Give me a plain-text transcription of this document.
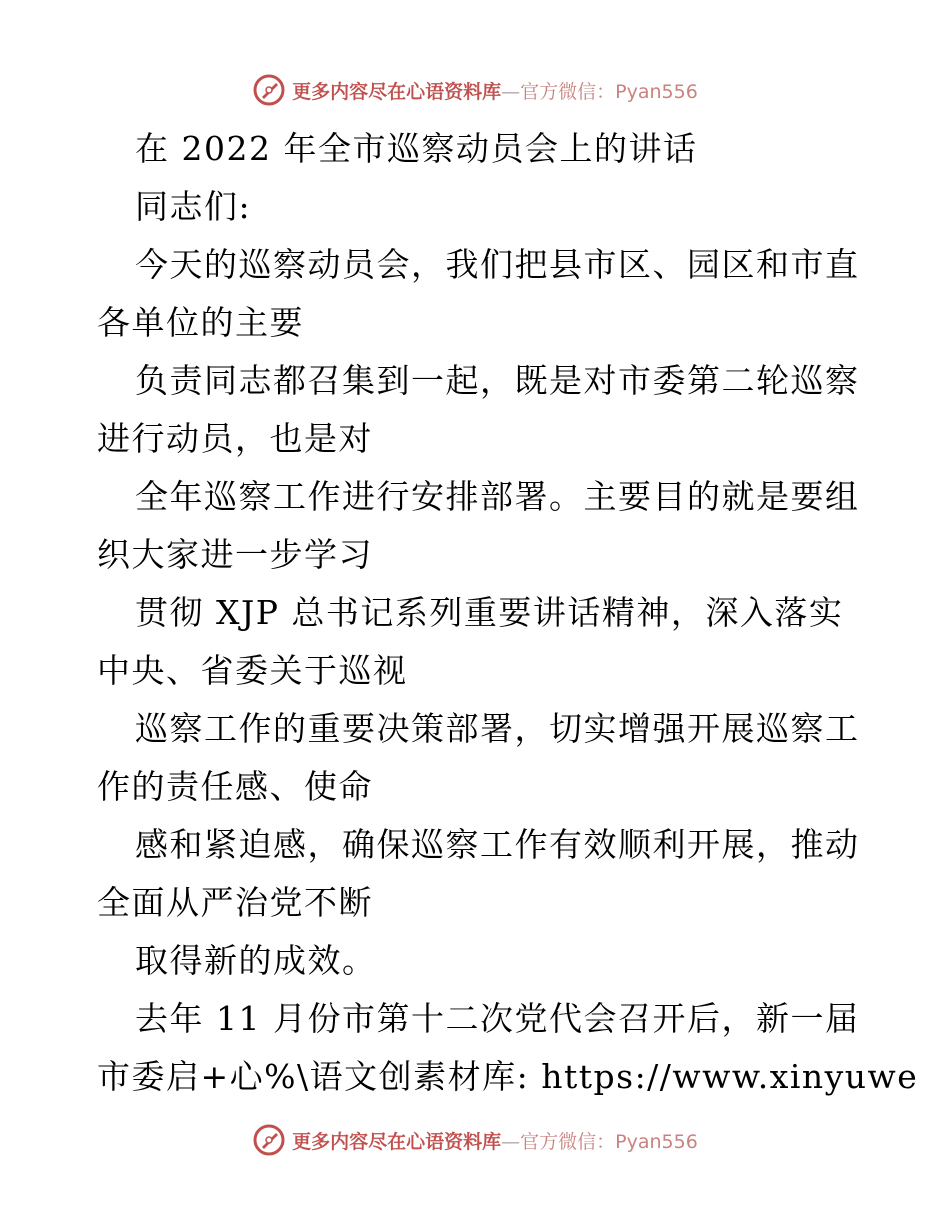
更多内容尽在心语资料库—官方微信：Pyan556
在 2022 年全市巡察动员会上的讲话
同志们:
今天的巡察动员会，我们把县市区、园区和市直
各单位的主要
负责同志都召集到一起，既是对市委第二轮巡察
进行动员，也是对
全年巡察工作进行安排部署。主要目的就是要组
织大家进一步学习
贯彻 XJP 总书记系列重要讲话精神，深入落实
中央、省委关于巡视
巡察工作的重要决策部署，切实增强开展巡察工
作的责任感、使命
感和紧迫感，确保巡察工作有效顺利开展，推动
全面从严治党不断
取得新的成效。
去年 11 月份市第十二次党代会召开后，新一届
市委启+心%\语文创素材库: https://www.xinyuwe
更多内容尽在心语资料库—官方微信：Pyan556
